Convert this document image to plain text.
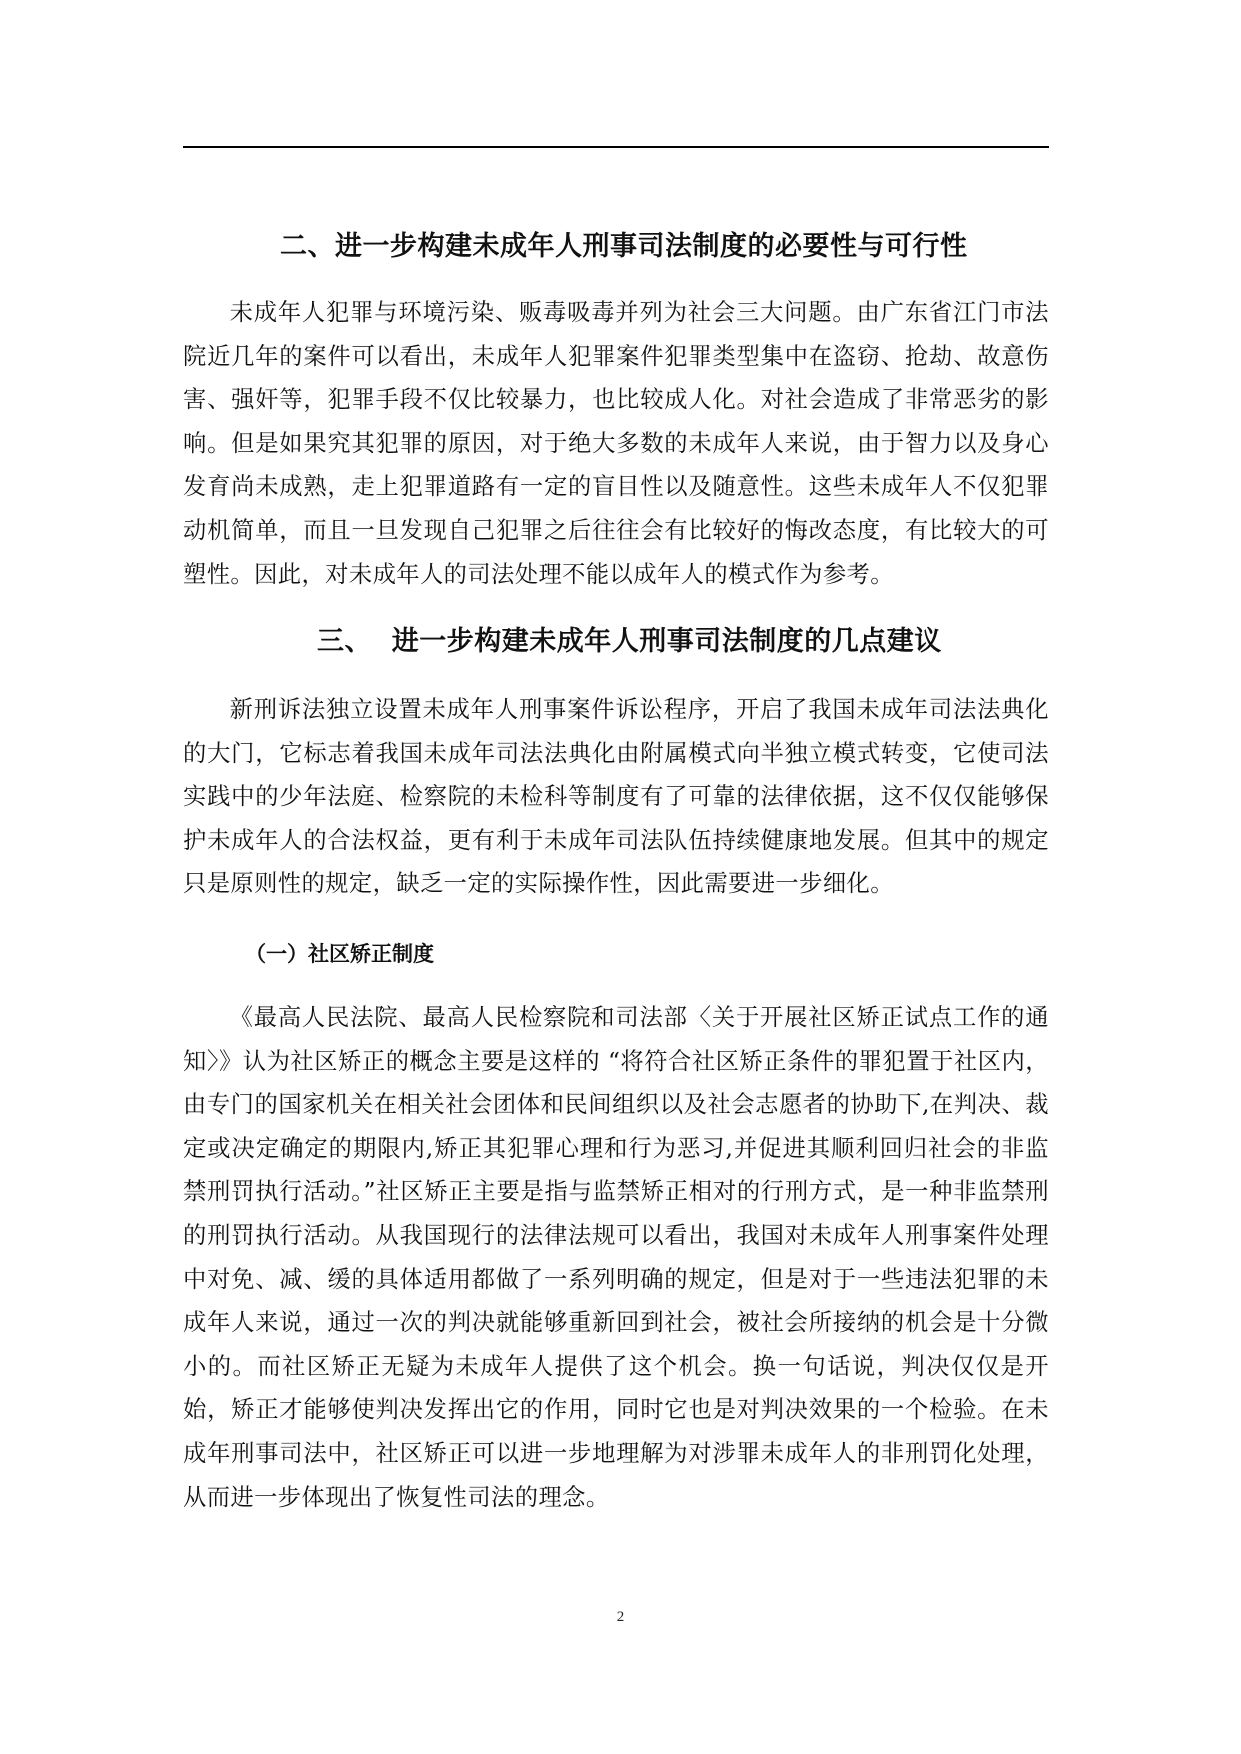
二、进一步构建未成年人刑事司法制度的必要性与可行性

未成年人犯罪与环境污染、贩毒吸毒并列为社会三大问题。由广东省江门市法院近几年的案件可以看出，未成年人犯罪案件犯罪类型集中在盗窃、抢劫、故意伤害、强奸等，犯罪手段不仅比较暴力，也比较成人化。对社会造成了非常恶劣的影响。但是如果究其犯罪的原因，对于绝大多数的未成年人来说，由于智力以及身心发育尚未成熟，走上犯罪道路有一定的盲目性以及随意性。这些未成年人不仅犯罪动机简单，而且一旦发现自己犯罪之后往往会有比较好的悔改态度，有比较大的可塑性。因此，对未成年人的司法处理不能以成年人的模式作为参考。

三、  进一步构建未成年人刑事司法制度的几点建议

新刑诉法独立设置未成年人刑事案件诉讼程序，开启了我国未成年司法法典化的大门，它标志着我国未成年司法法典化由附属模式向半独立模式转变，它使司法实践中的少年法庭、检察院的未检科等制度有了可靠的法律依据，这不仅仅能够保护未成年人的合法权益，更有利于未成年司法队伍持续健康地发展。但其中的规定只是原则性的规定，缺乏一定的实际操作性，因此需要进一步细化。

（一）社区矫正制度

《最高人民法院、最高人民检察院和司法部〈关于开展社区矫正试点工作的通知〉》认为社区矫正的概念主要是这样的 “将符合社区矫正条件的罪犯置于社区内，由专门的国家机关在相关社会团体和民间组织以及社会志愿者的协助下,在判决、裁定或决定确定的期限内,矫正其犯罪心理和行为恶习,并促进其顺利回归社会的非监禁刑罚执行活动。”社区矫正主要是指与监禁矫正相对的行刑方式，是一种非监禁刑的刑罚执行活动。从我国现行的法律法规可以看出，我国对未成年人刑事案件处理中对免、减、缓的具体适用都做了一系列明确的规定，但是对于一些违法犯罪的未成年人来说，通过一次的判决就能够重新回到社会，被社会所接纳的机会是十分微小的。而社区矫正无疑为未成年人提供了这个机会。换一句话说，判决仅仅是开始，矫正才能够使判决发挥出它的作用，同时它也是对判决效果的一个检验。在未成年刑事司法中，社区矫正可以进一步地理解为对涉罪未成年人的非刑罚化处理，从而进一步体现出了恢复性司法的理念。

2
